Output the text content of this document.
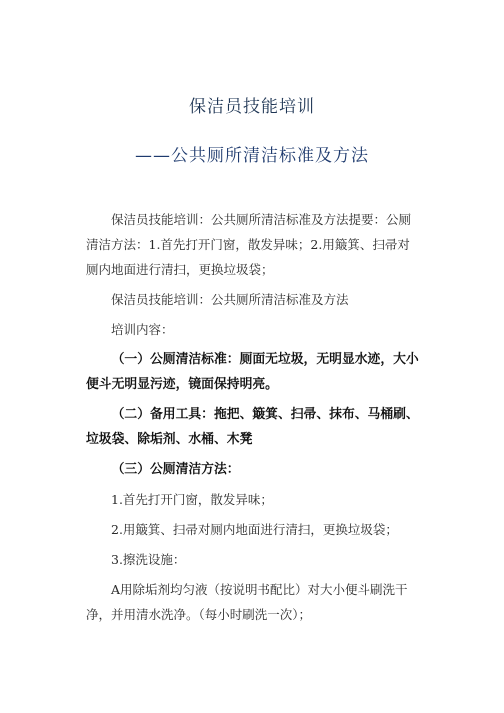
保洁员技能培训
——公共厕所清洁标准及方法

保洁员技能培训：公共厕所清洁标准及方法提要：公厕清洁方法：1.首先打开门窗，散发异味；2.用簸箕、扫帚对厕内地面进行清扫，更换垃圾袋；

保洁员技能培训：公共厕所清洁标准及方法

培训内容：

（一）公厕清洁标准：厕面无垃圾，无明显水迹，大小便斗无明显污迹，镜面保持明亮。

（二）备用工具：拖把、簸箕、扫帚、抹布、马桶刷、垃圾袋、除垢剂、水桶、木凳

（三）公厕清洁方法：

1.首先打开门窗，散发异味；

2.用簸箕、扫帚对厕内地面进行清扫，更换垃圾袋；

3.擦洗设施：

A用除垢剂均匀液（按说明书配比）对大小便斗刷洗干净，并用清水洗净。（每小时刷洗一次）；
